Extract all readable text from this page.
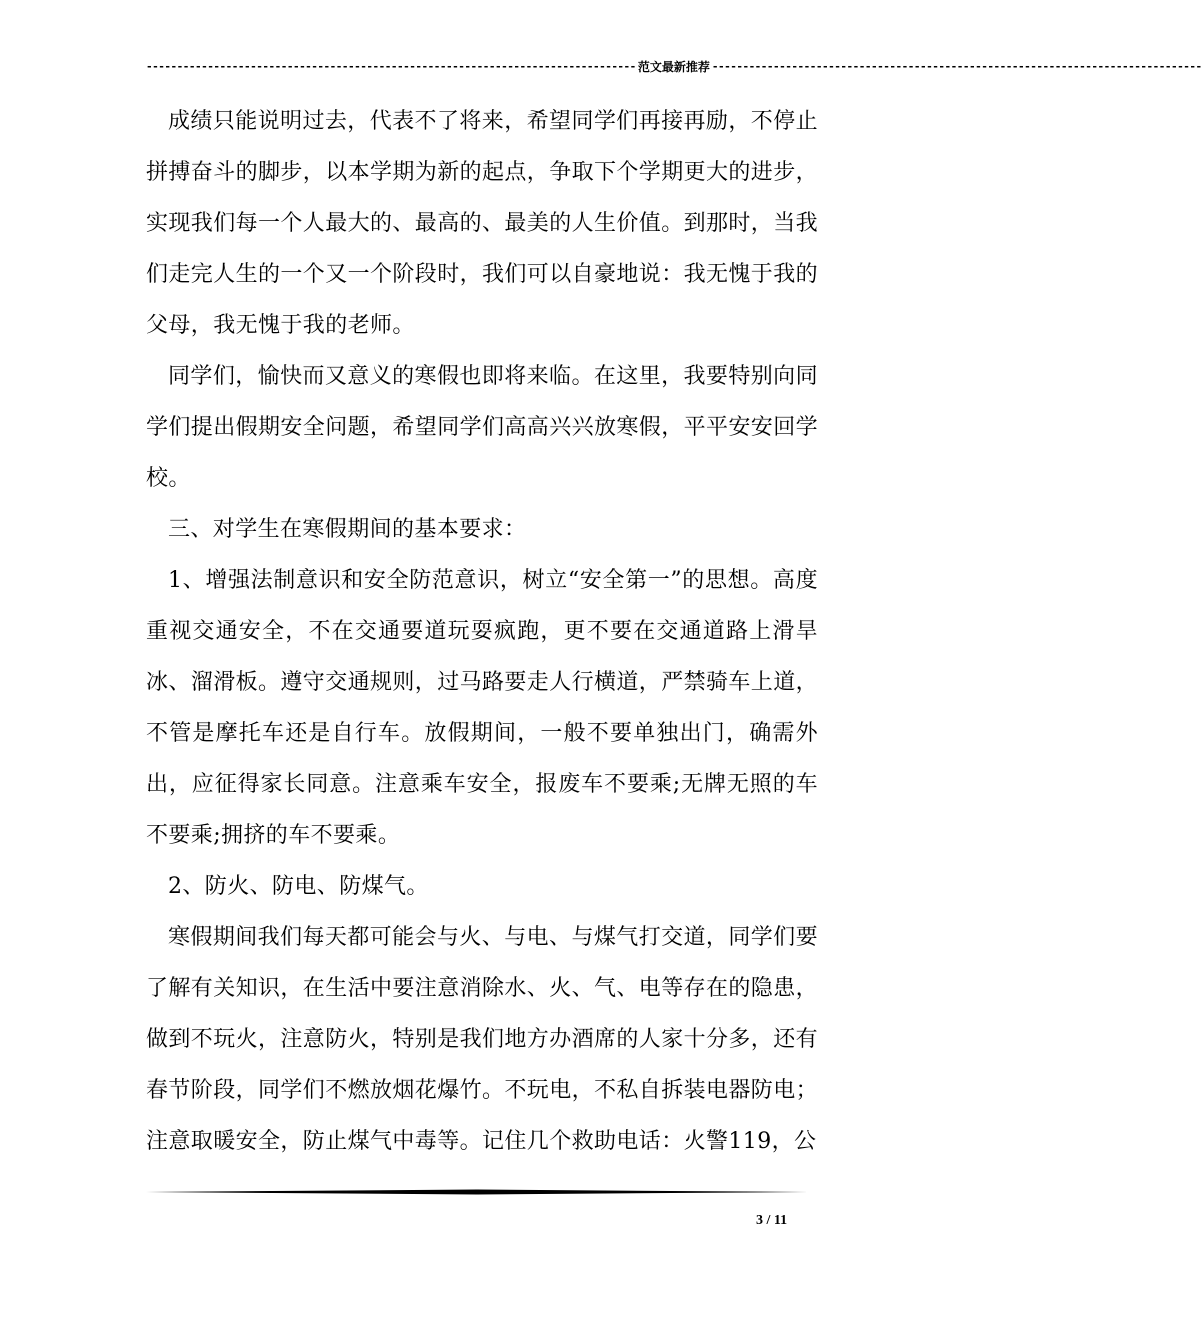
-------------------------------------------------------------------------------- 范文最新推荐 --------------------------------------------------------------------------------

成绩只能说明过去，代表不了将来，希望同学们再接再励，不停止拼搏奋斗的脚步，以本学期为新的起点，争取下个学期更大的进步，实现我们每一个人最大的、最高的、最美的人生价值。到那时，当我们走完人生的一个又一个阶段时，我们可以自豪地说：我无愧于我的父母，我无愧于我的老师。

同学们，愉快而又意义的寒假也即将来临。在这里，我要特别向同学们提出假期安全问题，希望同学们高高兴兴放寒假，平平安安回学校。

三、对学生在寒假期间的基本要求：

1、增强法制意识和安全防范意识，树立“安全第一”的思想。高度重视交通安全，不在交通要道玩耍疯跑，更不要在交通道路上滑旱冰、溜滑板。遵守交通规则，过马路要走人行横道，严禁骑车上道，不管是摩托车还是自行车。放假期间，一般不要单独出门，确需外出，应征得家长同意。注意乘车安全，报废车不要乘;无牌无照的车不要乘;拥挤的车不要乘。

2、防火、防电、防煤气。

寒假期间我们每天都可能会与火、与电、与煤气打交道，同学们要了解有关知识，在生活中要注意消除水、火、气、电等存在的隐患，做到不玩火，注意防火，特别是我们地方办酒席的人家十分多，还有春节阶段，同学们不燃放烟花爆竹。不玩电，不私自拆装电器防电；注意取暖安全，防止煤气中毒等。记住几个救助电话：火警119，公

3 / 11
